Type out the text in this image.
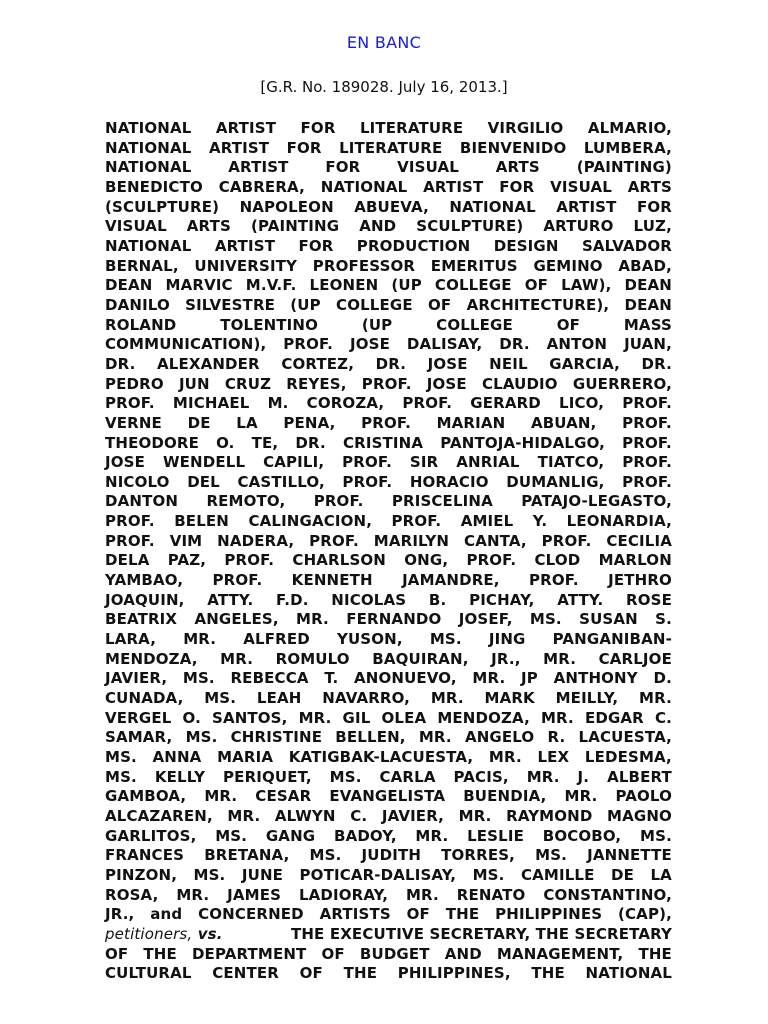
EN BANC
[G.R. No. 189028. July 16, 2013.]
NATIONAL ARTIST FOR LITERATURE VIRGILIO ALMARIO,
NATIONAL ARTIST FOR LITERATURE BIENVENIDO LUMBERA,
NATIONAL ARTIST FOR VISUAL ARTS (PAINTING)
BENEDICTO CABRERA, NATIONAL ARTIST FOR VISUAL ARTS
(SCULPTURE) NAPOLEON ABUEVA, NATIONAL ARTIST FOR
VISUAL ARTS (PAINTING AND SCULPTURE) ARTURO LUZ,
NATIONAL ARTIST FOR PRODUCTION DESIGN SALVADOR
BERNAL, UNIVERSITY PROFESSOR EMERITUS GEMINO ABAD,
DEAN MARVIC M.V.F. LEONEN (UP COLLEGE OF LAW), DEAN
DANILO SILVESTRE (UP COLLEGE OF ARCHITECTURE), DEAN
ROLAND	TOLENTINO	(UP	COLLEGE	OF	MASS
COMMUNICATION), PROF. JOSE DALISAY, DR. ANTON JUAN,
DR. ALEXANDER CORTEZ, DR. JOSE NEIL GARCIA, DR.
PEDRO JUN CRUZ REYES, PROF. JOSE CLAUDIO GUERRERO,
PROF. MICHAEL M. COROZA, PROF. GERARD LICO, PROF.
VERNE DE LA PENA, PROF. MARIAN ABUAN, PROF.
THEODORE O. TE, DR. CRISTINA PANTOJA-HIDALGO, PROF.
JOSE WENDELL CAPILI, PROF. SIR ANRIAL TIATCO, PROF.
NICOLO DEL CASTILLO, PROF. HORACIO DUMANLIG, PROF.
DANTON REMOTO, PROF. PRISCELINA PATAJO-LEGASTO,
PROF. BELEN CALINGACION, PROF. AMIEL Y. LEONARDIA,
PROF. VIM NADERA, PROF. MARILYN CANTA, PROF. CECILIA
DELA PAZ, PROF. CHARLSON ONG, PROF. CLOD MARLON
YAMBAO, PROF. KENNETH JAMANDRE, PROF. JETHRO
JOAQUIN, ATTY. F.D. NICOLAS B. PICHAY, ATTY. ROSE
BEATRIX ANGELES, MR. FERNANDO JOSEF, MS. SUSAN S.
LARA, MR. ALFRED YUSON, MS. JING PANGANIBAN-
MENDOZA, MR. ROMULO BAQUIRAN, JR., MR. CARLJOE
JAVIER, MS. REBECCA T. ANONUEVO, MR. JP ANTHONY D.
CUNADA, MS. LEAH NAVARRO, MR. MARK MEILLY, MR.
VERGEL O. SANTOS, MR. GIL OLEA MENDOZA, MR. EDGAR C.
SAMAR, MS. CHRISTINE BELLEN, MR. ANGELO R. LACUESTA,
MS. ANNA MARIA KATIGBAK-LACUESTA, MR. LEX LEDESMA,
MS. KELLY PERIQUET, MS. CARLA PACIS, MR. J. ALBERT
GAMBOA, MR. CESAR EVANGELISTA BUENDIA, MR. PAOLO
ALCAZAREN, MR. ALWYN C. JAVIER, MR. RAYMOND MAGNO
GARLITOS, MS. GANG BADOY, MR. LESLIE BOCOBO, MS.
FRANCES BRETANA, MS. JUDITH TORRES, MS. JANNETTE
PINZON, MS. JUNE POTICAR-DALISAY, MS. CAMILLE DE LA
ROSA, MR. JAMES LADIORAY, MR. RENATO CONSTANTINO,
JR., and CONCERNED ARTISTS OF THE PHILIPPINES (CAP),
petitioners, vs.	THE EXECUTIVE SECRETARY, THE SECRETARY
OF THE DEPARTMENT OF BUDGET AND MANAGEMENT, THE
CULTURAL CENTER OF THE PHILIPPINES, THE NATIONAL
